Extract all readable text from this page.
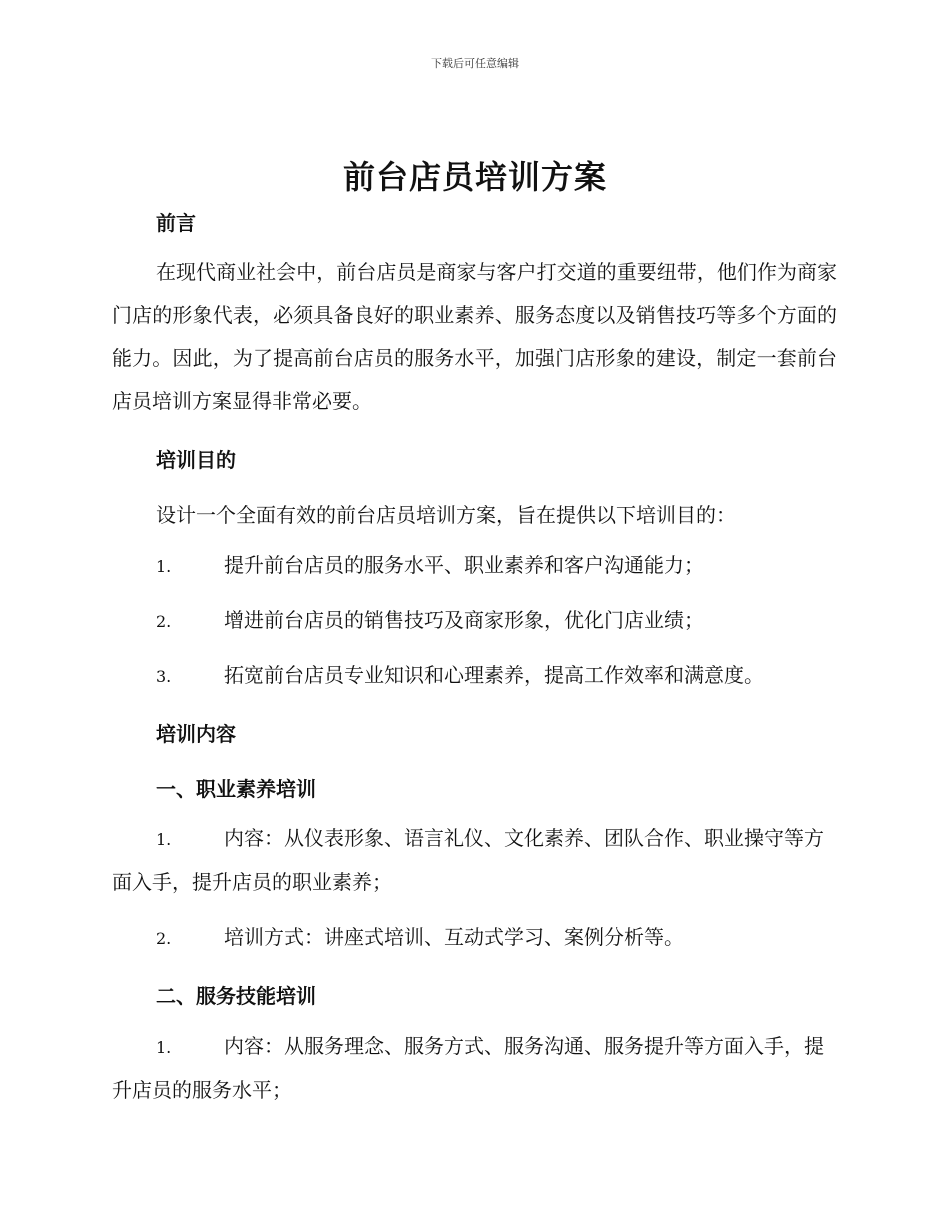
下载后可任意编辑
前台店员培训方案
前言
在现代商业社会中，前台店员是商家与客户打交道的重要纽带，他们作为商家门店的形象代表，必须具备良好的职业素养、服务态度以及销售技巧等多个方面的能力。因此，为了提高前台店员的服务水平，加强门店形象的建设，制定一套前台店员培训方案显得非常必要。
培训目的
设计一个全面有效的前台店员培训方案，旨在提供以下培训目的：
1.	提升前台店员的服务水平、职业素养和客户沟通能力；
2.	增进前台店员的销售技巧及商家形象，优化门店业绩；
3.	拓宽前台店员专业知识和心理素养，提高工作效率和满意度。
培训内容
一、职业素养培训
1.	内容：从仪表形象、语言礼仪、文化素养、团队合作、职业操守等方面入手，提升店员的职业素养；
2.	培训方式：讲座式培训、互动式学习、案例分析等。
二、服务技能培训
1.	内容：从服务理念、服务方式、服务沟通、服务提升等方面入手，提升店员的服务水平；
